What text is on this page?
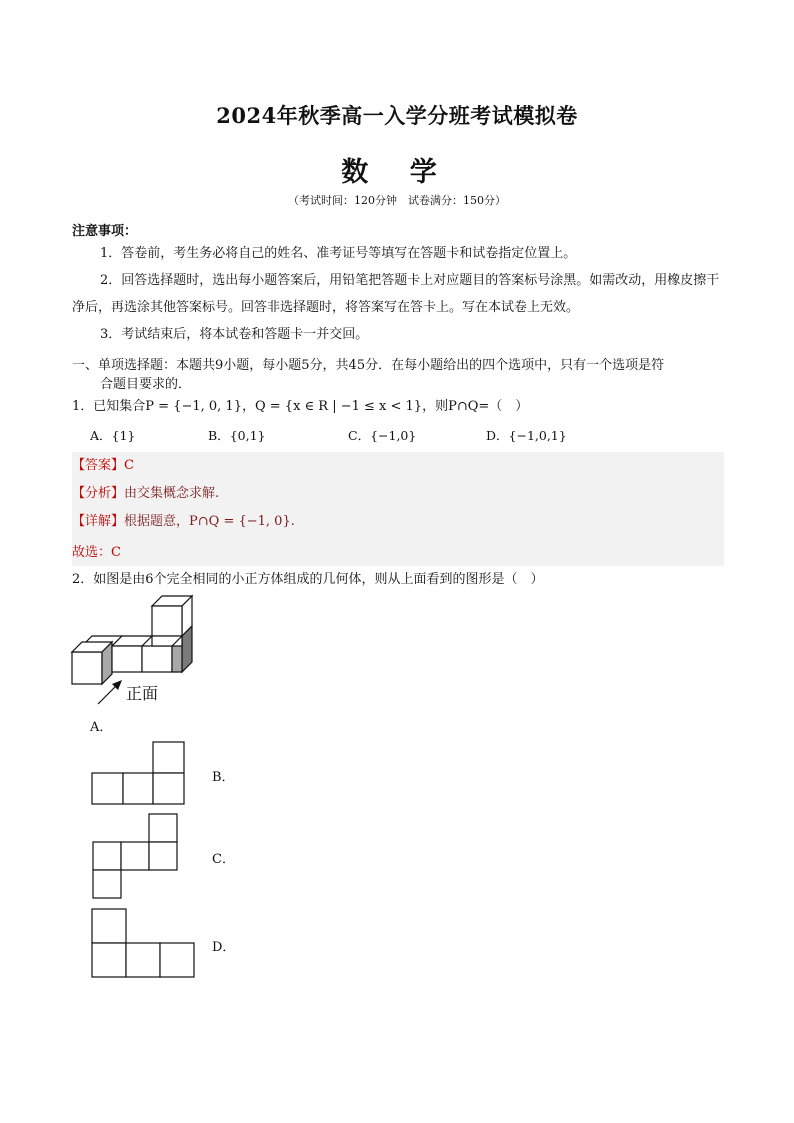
2024年秋季高一入学分班考试模拟卷
数 学
（考试时间：120分钟　试卷满分：150分）
注意事项：
1．答卷前，考生务必将自己的姓名、准考证号等填写在答题卡和试卷指定位置上。
2．回答选择题时，选出每小题答案后，用铅笔把答题卡上对应题目的答案标号涂黑。如需改动，用橡皮擦干净后，再选涂其他答案标号。回答非选择题时，将答案写在答卡上。写在本试卷上无效。
3．考试结束后，将本试卷和答题卡一并交回。
一、单项选择题：本题共9小题，每小题5分，共45分．在每小题给出的四个选项中，只有一个选项是符
合题目要求的．
1．已知集合P = {−1, 0, 1}，Q = {x ∈ R | −1 ≤ x < 1}，则P∩Q=（　）
A．{1}	B．{0,1}	C．{−1,0}	D．{−1,0,1}
【答案】C
【分析】由交集概念求解.
【详解】根据题意，P∩Q = {−1, 0}.
故选：C
2．如图是由6个完全相同的小正方体组成的几何体，则从上面看到的图形是（　）
正面
A．
B．
C．
D．
